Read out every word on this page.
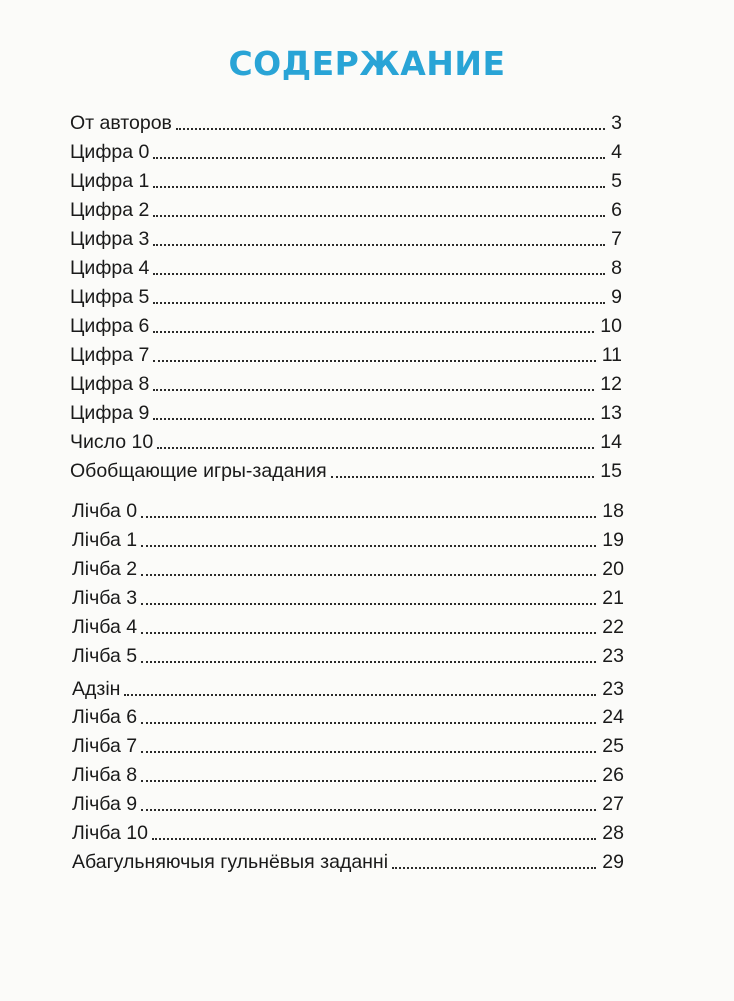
СОДЕРЖАНИЕ
От авторов	3
Цифра 0	4
Цифра 1	5
Цифра 2	6
Цифра 3	7
Цифра 4	8
Цифра 5	9
Цифра 6	10
Цифра 7	11
Цифра 8	12
Цифра 9	13
Число 10	14
Обобщающие игры-задания	15
Лічба 0	18
Лічба 1	19
Лічба 2	20
Лічба 3	21
Лічба 4	22
Лічба 5	23
Адзін	23
Лічба 6	24
Лічба 7	25
Лічба 8	26
Лічба 9	27
Лічба 10	28
Абагульняючыя гульнёвыя заданні	29
